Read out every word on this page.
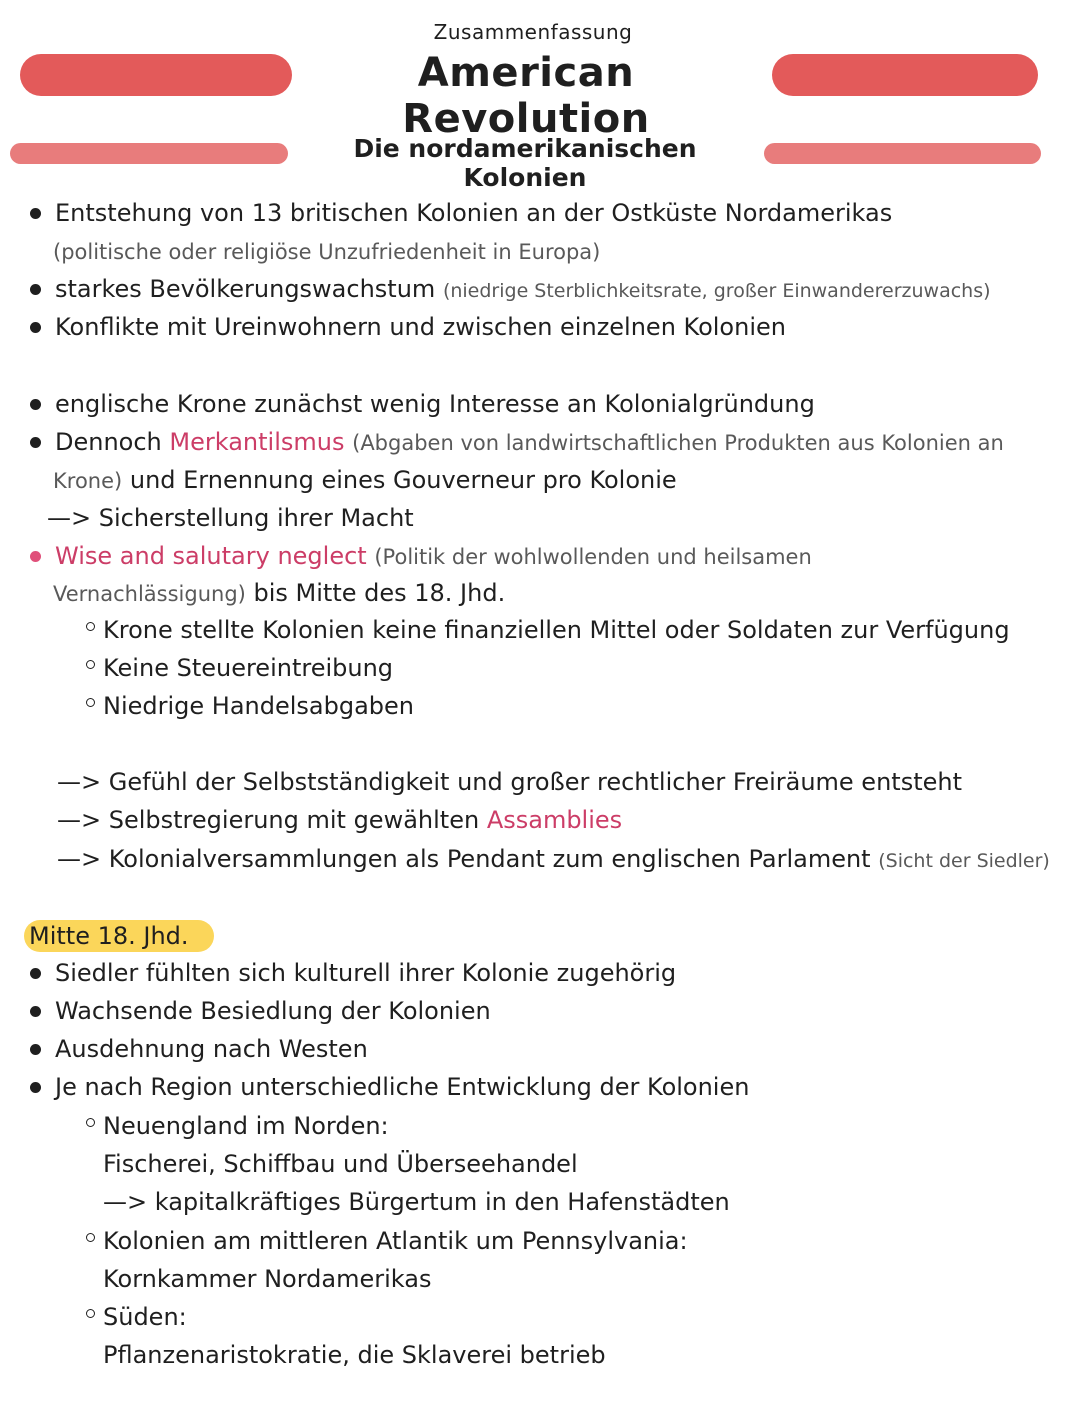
Zusammenfassung
American Revolution
Die nordamerikanischen Kolonien
Entstehung von 13 britischen Kolonien an der Ostküste Nordamerikas
(politische oder religiöse Unzufriedenheit in Europa)
starkes Bevölkerungswachstum (niedrige Sterblichkeitsrate, großer Einwandererzuwachs)
Konflikte mit Ureinwohnern und zwischen einzelnen Kolonien
englische Krone zunächst wenig Interesse an Kolonialgründung
Dennoch Merkantilsmus (Abgaben von landwirtschaftlichen Produkten aus Kolonien an
Krone) und Ernennung eines Gouverneur pro Kolonie
—> Sicherstellung ihrer Macht
Wise and salutary neglect (Politik der wohlwollenden und heilsamen
Vernachlässigung) bis Mitte des 18. Jhd.
Krone stellte Kolonien keine finanziellen Mittel oder Soldaten zur Verfügung
Keine Steuereintreibung
Niedrige Handelsabgaben
—> Gefühl der Selbstständigkeit und großer rechtlicher Freiräume entsteht
—> Selbstregierung mit gewählten Assamblies
—> Kolonialversammlungen als Pendant zum englischen Parlament (Sicht der Siedler)
Mitte 18. Jhd.
Siedler fühlten sich kulturell ihrer Kolonie zugehörig
Wachsende Besiedlung der Kolonien
Ausdehnung nach Westen
Je nach Region unterschiedliche Entwicklung der Kolonien
Neuengland im Norden:
Fischerei, Schiffbau und Überseehandel
—> kapitalkräftiges Bürgertum in den Hafenstädten
Kolonien am mittleren Atlantik um Pennsylvania:
Kornkammer Nordamerikas
Süden:
Pflanzenaristokratie, die Sklaverei betrieb
